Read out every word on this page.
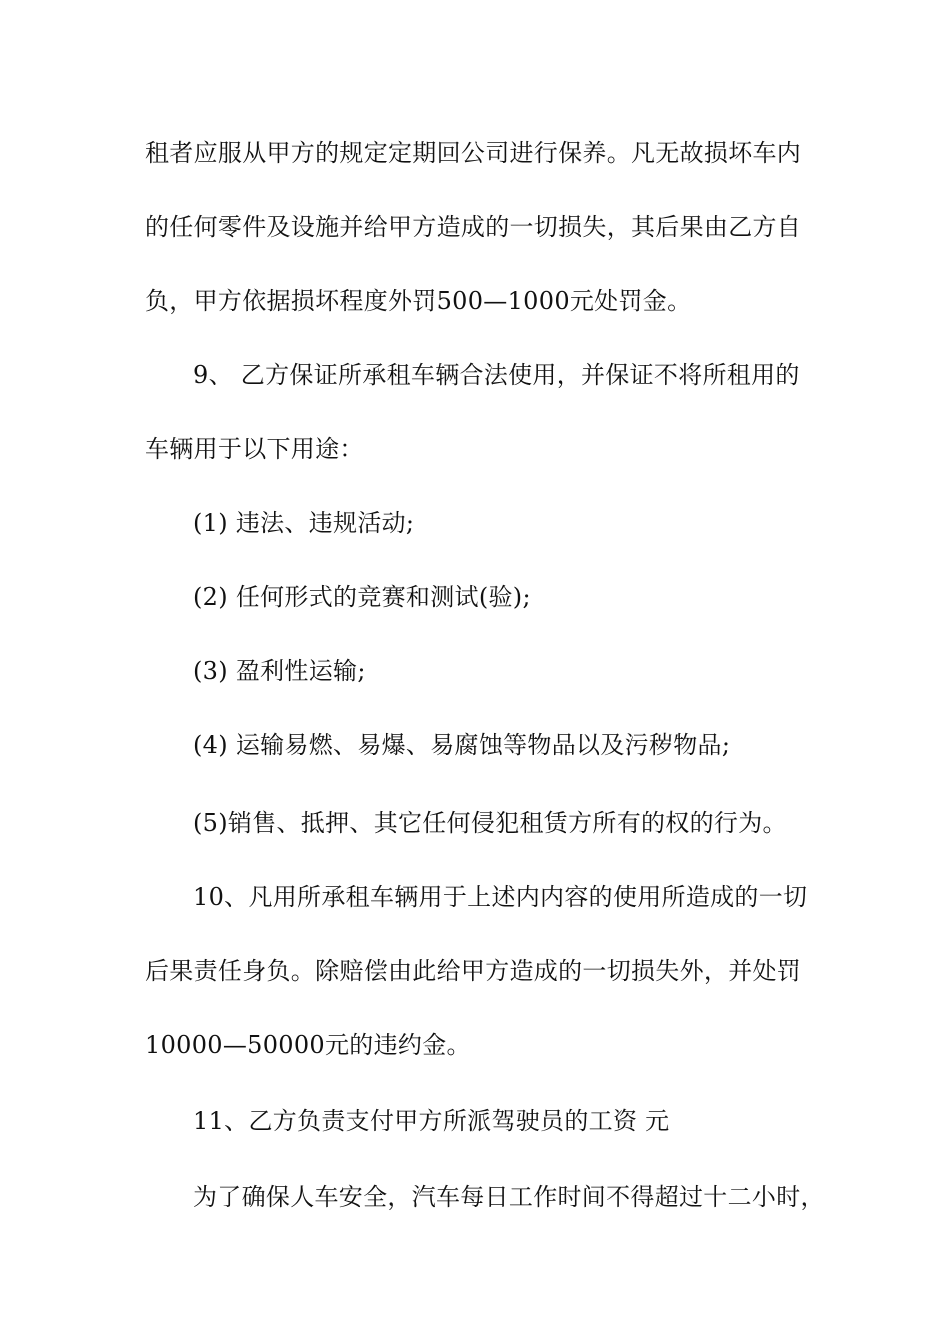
租者应服从甲方的规定定期回公司进行保养。凡无故损坏车内
的任何零件及设施并给甲方造成的一切损失，其后果由乙方自
负，甲方依据损坏程度外罚500—1000元处罚金。
9、 乙方保证所承租车辆合法使用，并保证不将所租用的
车辆用于以下用途：
(1) 违法、违规活动;
(2) 任何形式的竞赛和测试(验);
(3) 盈利性运输;
(4) 运输易燃、易爆、易腐蚀等物品以及污秽物品;
(5)销售、抵押、其它任何侵犯租赁方所有的权的行为。
10、凡用所承租车辆用于上述内内容的使用所造成的一切
后果责任身负。除赔偿由此给甲方造成的一切损失外，并处罚
10000—50000元的违约金。
11、乙方负责支付甲方所派驾驶员的工资 元
为了确保人车安全，汽车每日工作时间不得超过十二小时，
